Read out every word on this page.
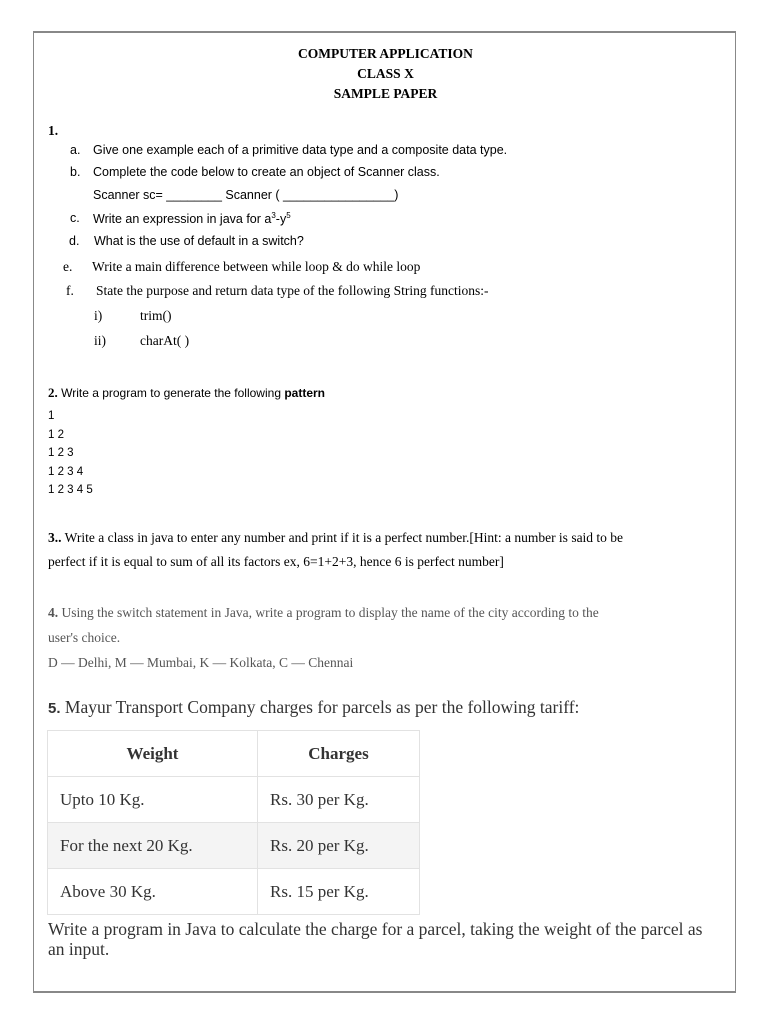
COMPUTER APPLICATION
CLASS X
SAMPLE PAPER
1.
a. Give one example each of a primitive data type and a composite data type.
b. Complete the code below to create an object of Scanner class.
Scanner sc= ________ Scanner ( ________________)
c. Write an expression in java for $a^3-y^5$
d. What is the use of default in a switch?
e. Write a main difference between while loop & do while loop
f. State the purpose and return data type of the following String functions:-
i)	trim()
ii)	charAt( )
2. Write a program to generate the following pattern
1
1 2
1 2 3
1 2 3 4
1 2 3 4 5
3.. Write a class in java to enter any number and print if it is a perfect number.[Hint: a number is said to be
perfect if it is equal to sum of all its factors ex, 6=1+2+3, hence 6 is perfect number]
4. Using the switch statement in Java, write a program to display the name of the city according to the
user's choice.
D — Delhi, M — Mumbai, K — Kolkata, C — Chennai
5. Mayur Transport Company charges for parcels as per the following tariff:
Weight	Charges
Upto 10 Kg.	Rs. 30 per Kg.
For the next 20 Kg.	Rs. 20 per Kg.
Above 30 Kg.	Rs. 15 per Kg.
Write a program in Java to calculate the charge for a parcel, taking the weight of the parcel as an input.
